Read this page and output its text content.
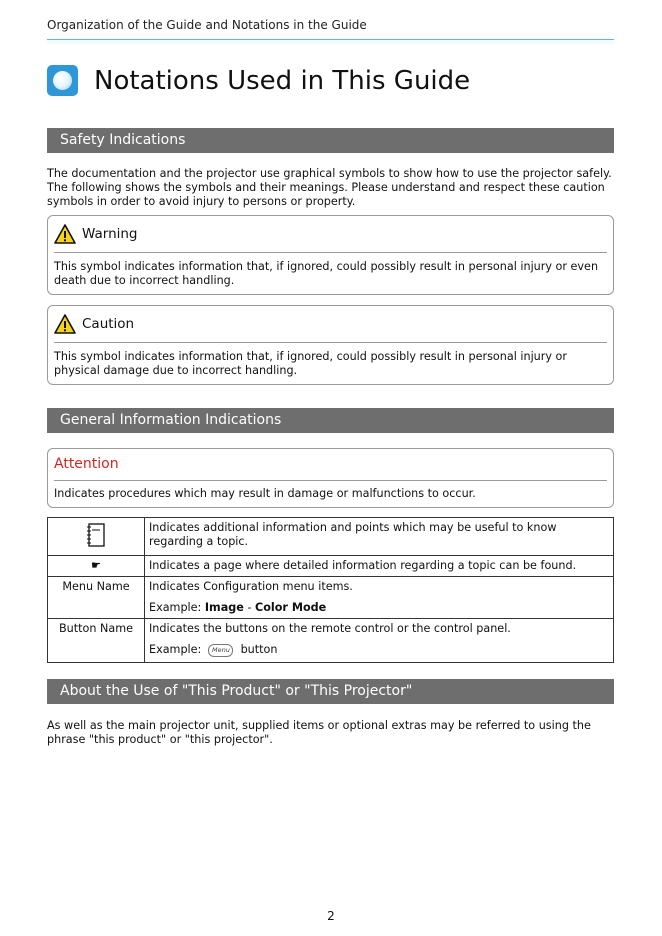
Organization of the Guide and Notations in the Guide
Notations Used in This Guide
Safety Indications
The documentation and the projector use graphical symbols to show how to use the projector safely.
The following shows the symbols and their meanings. Please understand and respect these caution symbols in order to avoid injury to persons or property.
Warning
This symbol indicates information that, if ignored, could possibly result in personal injury or even death due to incorrect handling.
Caution
This symbol indicates information that, if ignored, could possibly result in personal injury or physical damage due to incorrect handling.
General Information Indications
Attention
Indicates procedures which may result in damage or malfunctions to occur.
	Indicates additional information and points which may be useful to know regarding a topic.
☛	Indicates a page where detailed information regarding a topic can be found.
Menu Name	Indicates Configuration menu items.
Example: Image - Color Mode

Button Name	Indicates the buttons on the remote control or the control panel.
Example: Menu button
About the Use of "This Product" or "This Projector"
As well as the main projector unit, supplied items or optional extras may be referred to using the phrase "this product" or "this projector".
2
